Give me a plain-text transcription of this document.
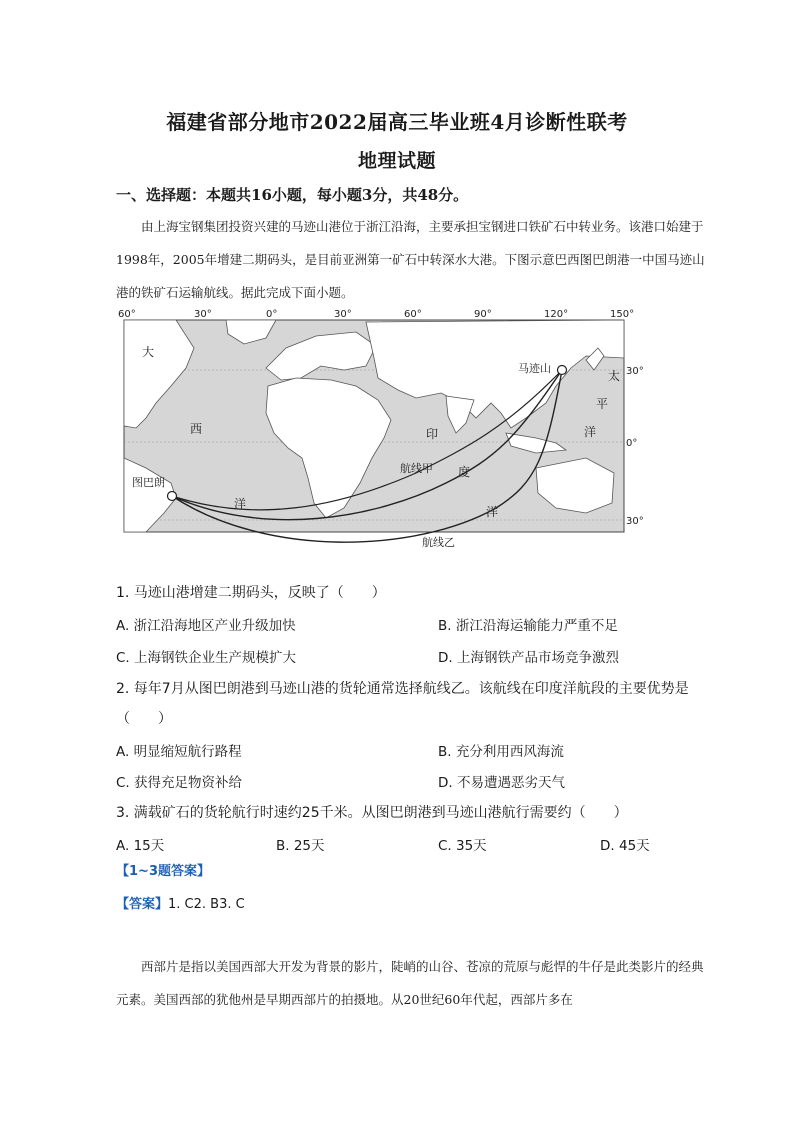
福建省部分地市2022届高三毕业班4月诊断性联考
地理试题
一、选择题：本题共16小题，每小题3分，共48分。
由上海宝钢集团投资兴建的马迹山港位于浙江沿海，主要承担宝钢进口铁矿石中转业务。该港口始建于1998年，2005年增建二期码头，是目前亚洲第一矿石中转深水大港。下图示意巴西图巴朗港一中国马迹山港的铁矿石运输航线。据此完成下面小题。
60°	30°	0°	30°	60°	90°	120°	150°
30°
0°
30°
大
西
洋
印
度
洋
太
平
洋
马迹山
图巴朗
航线甲
航线乙
1. 马迹山港增建二期码头，反映了（　　）
A. 浙江沿海地区产业升级加快	B. 浙江沿海运输能力严重不足
C. 上海钢铁企业生产规模扩大	D. 上海钢铁产品市场竞争激烈
2. 每年7月从图巴朗港到马迹山港的货轮通常选择航线乙。该航线在印度洋航段的主要优势是
（　　）
A. 明显缩短航行路程	B. 充分利用西风海流
C. 获得充足物资补给	D. 不易遭遇恶劣天气
3. 满载矿石的货轮航行时速约25千米。从图巴朗港到马迹山港航行需要约（　　）
A. 15天	B. 25天	C. 35天	D. 45天
【1~3题答案】
【答案】1. C2. B3. C
西部片是指以美国西部大开发为背景的影片，陡峭的山谷、苍凉的荒原与彪悍的牛仔是此类影片的经典元素。美国西部的犹他州是早期西部片的拍摄地。从20世纪60年代起，西部片多在
